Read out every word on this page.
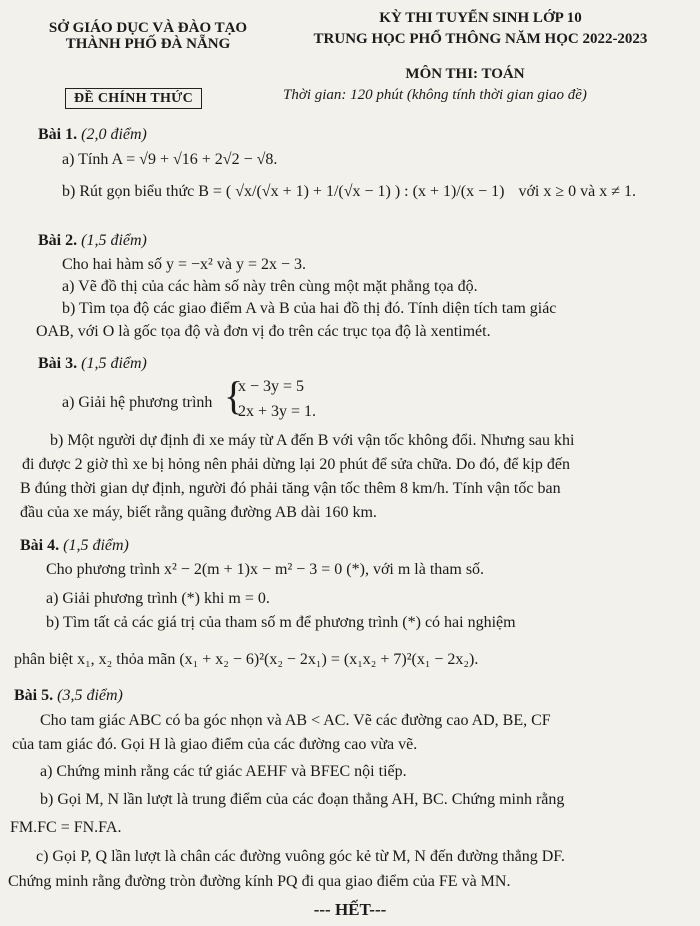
SỞ GIÁO DỤC VÀ ĐÀO TẠO
THÀNH PHỐ ĐÀ NẴNG
KỲ THI TUYỂN SINH LỚP 10
TRUNG HỌC PHỔ THÔNG NĂM HỌC 2022-2023
MÔN THI: TOÁN
ĐỀ CHÍNH THỨC	Thời gian: 120 phút (không tính thời gian giao đề)
Bài 1. (2,0 điểm)
a) Tính A = √9 + √16 + 2√2 − √8.
b) Rút gọn biểu thức B = ( √x/(√x + 1) + 1/(√x − 1) ) : (x + 1)/(x − 1) với x ≥ 0 và x ≠ 1.
Bài 2. (1,5 điểm)
Cho hai hàm số y = −x² và y = 2x − 3.
a) Vẽ đồ thị của các hàm số này trên cùng một mặt phẳng tọa độ.
b) Tìm tọa độ các giao điểm A và B của hai đồ thị đó. Tính diện tích tam giác
OAB, với O là gốc tọa độ và đơn vị đo trên các trục tọa độ là xentimét.
Bài 3. (1,5 điểm)
a) Giải hệ phương trình {
x − 3y = 5
2x + 3y = 1.
b) Một người dự định đi xe máy từ A đến B với vận tốc không đổi. Nhưng sau khi
đi được 2 giờ thì xe bị hỏng nên phải dừng lại 20 phút để sửa chữa. Do đó, để kịp đến
B đúng thời gian dự định, người đó phải tăng vận tốc thêm 8 km/h. Tính vận tốc ban
đầu của xe máy, biết rằng quãng đường AB dài 160 km.
Bài 4. (1,5 điểm)
Cho phương trình x² − 2(m + 1)x − m² − 3 = 0 (*), với m là tham số.
a) Giải phương trình (*) khi m = 0.
b) Tìm tất cả các giá trị của tham số m để phương trình (*) có hai nghiệm
phân biệt x₁, x₂ thỏa mãn (x₁ + x₂ − 6)²(x₂ − 2x₁) = (x₁x₂ + 7)²(x₁ − 2x₂).
Bài 5. (3,5 điểm)
Cho tam giác ABC có ba góc nhọn và AB < AC. Vẽ các đường cao AD, BE, CF
của tam giác đó. Gọi H là giao điểm của các đường cao vừa vẽ.
a) Chứng minh rằng các tứ giác AEHF và BFEC nội tiếp.
b) Gọi M, N lần lượt là trung điểm của các đoạn thẳng AH, BC. Chứng minh rằng
FM.FC = FN.FA.
c) Gọi P, Q lần lượt là chân các đường vuông góc kẻ từ M, N đến đường thẳng DF.
Chứng minh rằng đường tròn đường kính PQ đi qua giao điểm của FE và MN.
--- HẾT---
